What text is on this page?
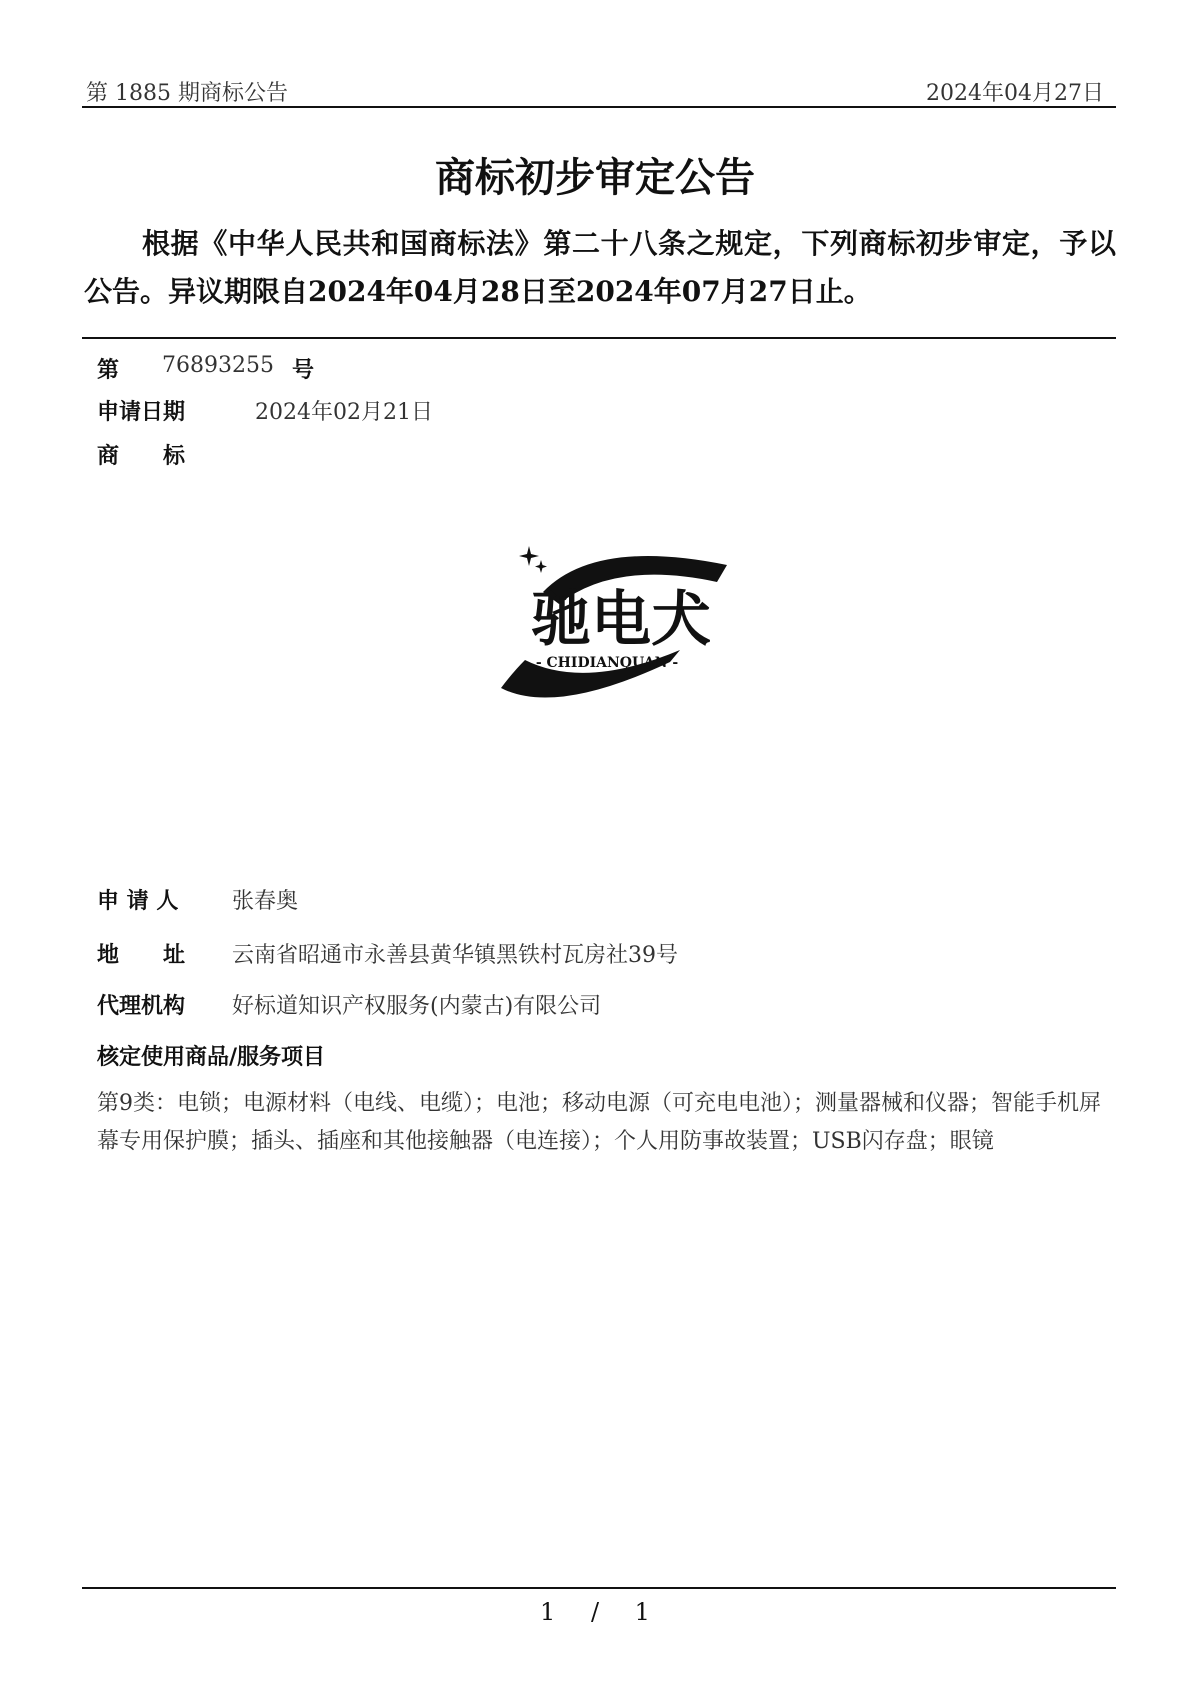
第 1885 期商标公告	2024年04月27日
商标初步审定公告
根据《中华人民共和国商标法》第二十八条之规定，下列商标初步审定，予以公告。异议期限自2024年04月28日至2024年07月27日止。
第 76893255 号
申请日期	2024年02月21日
商　　标
驰电犬
- CHIDIANQUAN -
申 请 人 张春奥
地　　址 云南省昭通市永善县黄华镇黑铁村瓦房社39号
代理机构 好标道知识产权服务(内蒙古)有限公司
核定使用商品/服务项目
第9类：电锁；电源材料（电线、电缆）；电池；移动电源（可充电电池）；测量器械和仪器；智能手机屏幕专用保护膜；插头、插座和其他接触器（电连接）；个人用防事故装置；USB闪存盘；眼镜
1 / 1
